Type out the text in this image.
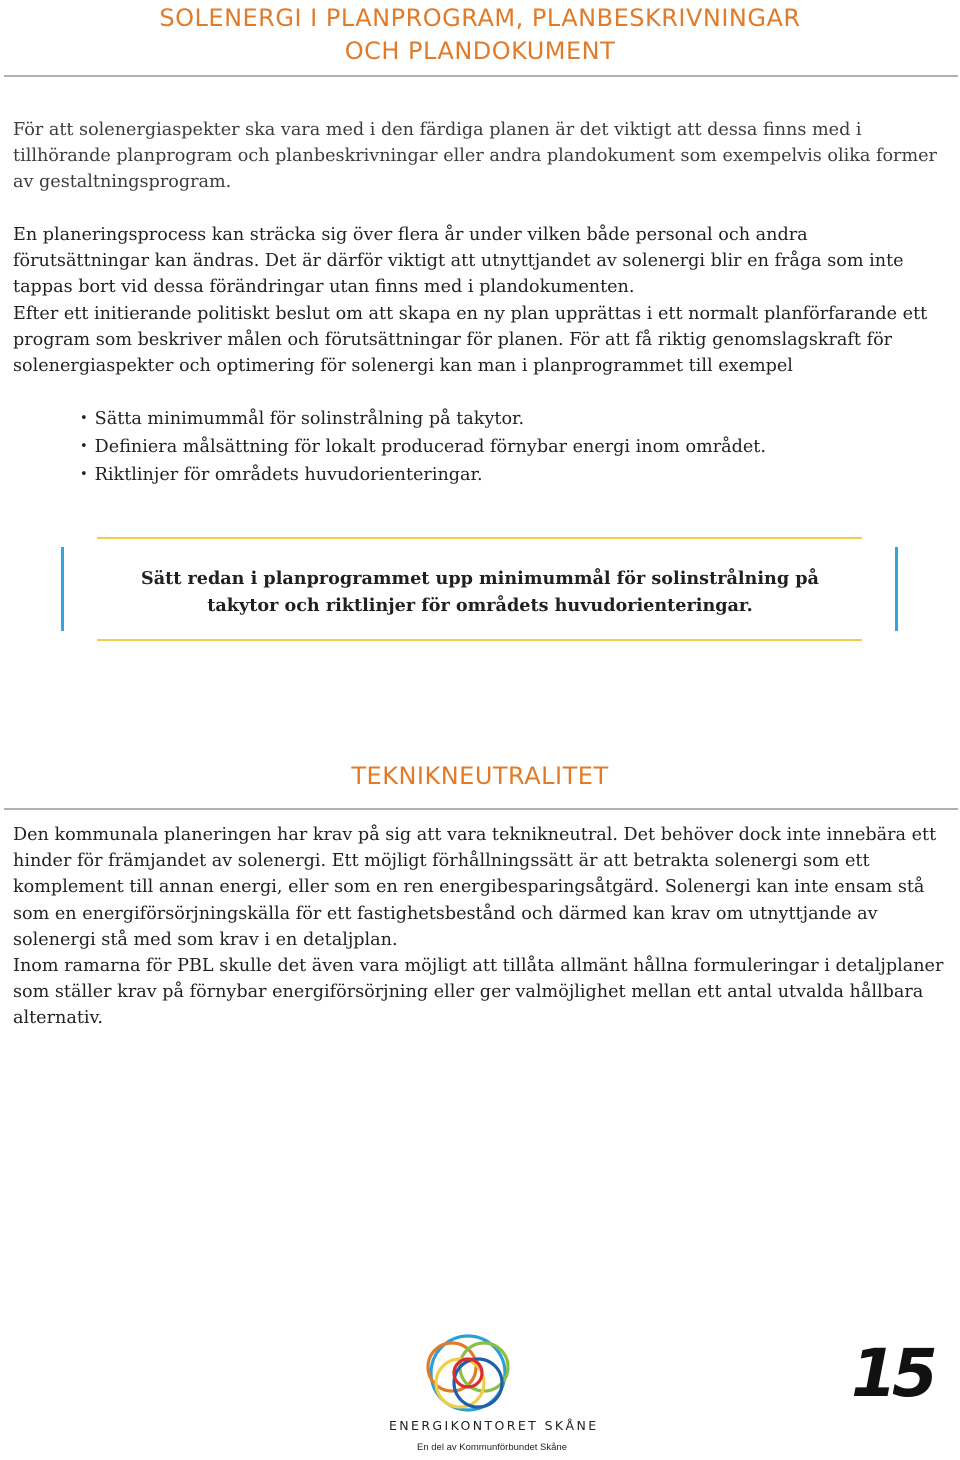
SOLENERGI I PLANPROGRAM, PLANBESKRIVNINGAR
OCH PLANDOKUMENT

För att solenergiaspekter ska vara med i den färdiga planen är det viktigt att dessa finns med i tillhörande planprogram och planbeskrivningar eller andra plandokument som exempelvis olika former av gestaltningsprogram.

En planeringsprocess kan sträcka sig över flera år under vilken både personal och andra förutsättningar kan ändras. Det är därför viktigt att utnyttjandet av solenergi blir en fråga som inte tappas bort vid dessa förändringar utan finns med i plandokumenten.
Efter ett initierande politiskt beslut om att skapa en ny plan upprättas i ett normalt planförfarande ett program som beskriver målen och förutsättningar för planen. För att få riktig genomslagskraft för solenergiaspekter och optimering för solenergi kan man i planprogrammet till exempel
• Sätta minimummål för solinstrålning på takytor.
• Definiera målsättning för lokalt producerad förnybar energi inom området.
• Riktlinjer för områdets huvudorienteringar.

Sätt redan i planprogrammet upp minimummål för solinstrålning på
takytor och riktlinjer för områdets huvudorienteringar.

TEKNIKNEUTRALITET
Den kommunala planeringen har krav på sig att vara teknikneutral. Det behöver dock inte innebära ett hinder för främjandet av solenergi. Ett möjligt förhållningssätt är att betrakta solenergi som ett komplement till annan energi, eller som en ren energibesparingsåtgärd. Solenergi kan inte ensam stå som en energiförsörjningskälla för ett fastighetsbestånd och därmed kan krav om utnyttjande av solenergi stå med som krav i en detaljplan.
Inom ramarna för PBL skulle det även vara möjligt att tillåta allmänt hållna formuleringar i detaljplaner som ställer krav på förnybar energiförsörjning eller ger valmöjlighet mellan ett antal utvalda hållbara alternativ.
ENERGIKONTORET SKÅNE
En del av Kommunförbundet Skåne
15
